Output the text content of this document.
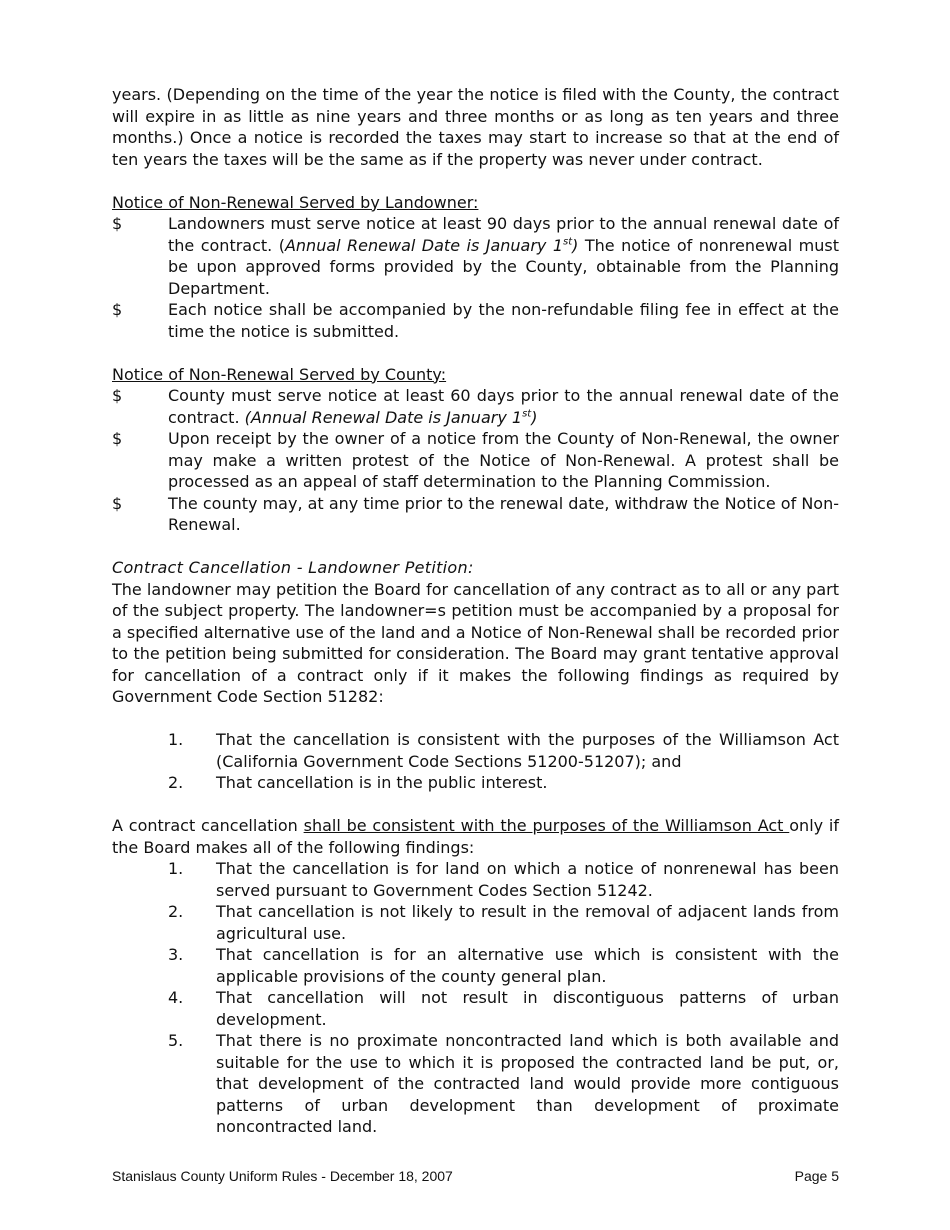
years. (Depending on the time of the year the notice is filed with the County, the contract will expire in as little as nine years and three months or as long as ten years and three months.) Once a notice is recorded the taxes may start to increase so that at the end of ten years the taxes will be the same as if the property was never under contract.

Notice of Non-Renewal Served by Landowner:

$	Landowners must serve notice at least 90 days prior to the annual renewal date of the contract. (Annual Renewal Date is January 1st) The notice of nonrenewal must be upon approved forms provided by the County, obtainable from the Planning Department.
$	Each notice shall be accompanied by the non-refundable filing fee in effect at the time the notice is submitted.

Notice of Non-Renewal Served by County:

$	County must serve notice at least 60 days prior to the annual renewal date of the contract. (Annual Renewal Date is January 1st)
$	Upon receipt by the owner of a notice from the County of Non-Renewal, the owner may make a written protest of the Notice of Non-Renewal. A protest shall be processed as an appeal of staff determination to the Planning Commission.
$	The county may, at any time prior to the renewal date, withdraw the Notice of Non-Renewal.

Contract Cancellation - Landowner Petition:

The landowner may petition the Board for cancellation of any contract as to all or any part of the subject property. The landowner=s petition must be accompanied by a proposal for a specified alternative use of the land and a Notice of Non-Renewal shall be recorded prior to the petition being submitted for consideration. The Board may grant tentative approval for cancellation of a contract only if it makes the following findings as required by Government Code Section 51282:

1. That the cancellation is consistent with the purposes of the Williamson Act (California Government Code Sections 51200-51207); and
2. That cancellation is in the public interest.

A contract cancellation shall be consistent with the purposes of the Williamson Act only if the Board makes all of the following findings:

1. That the cancellation is for land on which a notice of nonrenewal has been served pursuant to Government Codes Section 51242.
2. That cancellation is not likely to result in the removal of adjacent lands from agricultural use.
3. That cancellation is for an alternative use which is consistent with the applicable provisions of the county general plan.
4. That cancellation will not result in discontiguous patterns of urban development.
5. That there is no proximate noncontracted land which is both available and suitable for the use to which it is proposed the contracted land be put, or, that development of the contracted land would provide more contiguous patterns of urban development than development of proximate noncontracted land.
Stanislaus County Uniform Rules - December 18, 2007	Page 5
